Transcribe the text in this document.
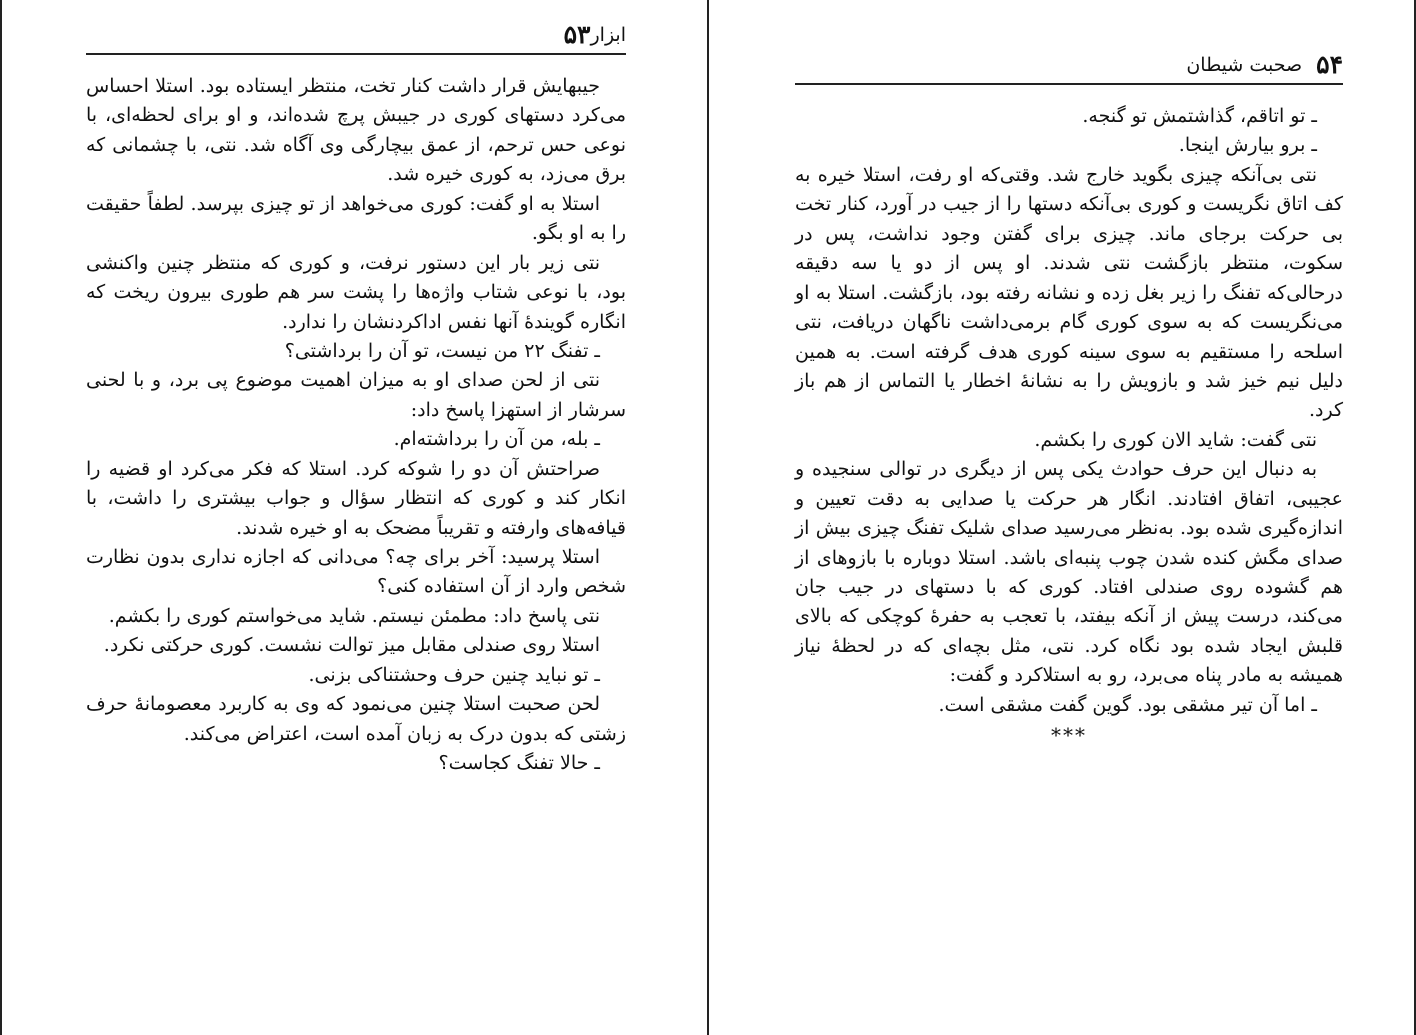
ابزار
۵۳

جیبهایش قرار داشت کنار تخت، منتظر ایستاده بود. استلا احساس می‌کرد دستهای کوری در جیبش پرچ شده‌اند، و او برای لحظه‌ای، با نوعی حس ترحم، از عمق بیچارگی وی آگاه شد. نتی، با چشمانی که برق می‌زد، به کوری خیره شد.

استلا به او گفت: کوری می‌خواهد از تو چیزی بپرسد. لطفاً حقیقت را به او بگو.

نتی زیر بار این دستور نرفت، و کوری که منتظر چنین واکنشی بود، با نوعی شتاب واژه‌ها را پشت سر هم طوری بیرون ریخت که انگاره گویندهٔ آنها نفس اداکردنشان را ندارد.

ـ تفنگ ۲۲ من نیست، تو آن را برداشتی؟

نتی از لحن صدای او به میزان اهمیت موضوع پی برد، و با لحنی سرشار از استهزا پاسخ داد:

ـ بله، من آن را برداشته‌ام.

صراحتش آن دو را شوکه کرد. استلا که فکر می‌کرد او قضیه را انکار کند و کوری که انتظار سؤال و جواب بیشتری را داشت، با قیافه‌های وارفته و تقریباً مضحک به او خیره شدند.

استلا پرسید: آخر برای چه؟ می‌دانی که اجازه نداری بدون نظارت شخص وارد از آن استفاده کنی؟

نتی پاسخ داد: مطمئن نیستم. شاید می‌خواستم کوری را بکشم.

استلا روی صندلی مقابل میز توالت نشست. کوری حرکتی نکرد.

ـ تو نباید چنین حرف وحشتناکی بزنی.

لحن صحبت استلا چنین می‌نمود که وی به کاربرد معصومانهٔ حرف زشتی که بدون درک به زبان آمده است، اعتراض می‌کند.

ـ حالا تفنگ کجاست؟

۵۴
صحبت شیطان

ـ تو اتاقم، گذاشتمش تو گنجه.

ـ برو بیارش اینجا.

نتی بی‌آنکه چیزی بگوید خارج شد. وقتی‌که او رفت، استلا خیره به کف اتاق نگریست و کوری بی‌آنکه دستها را از جیب در آورد، کنار تخت بی حرکت برجای ماند. چیزی برای گفتن وجود نداشت، پس در سکوت، منتظر بازگشت نتی شدند. او پس از دو یا سه دقیقه درحالی‌که تفنگ را زیر بغل زده و نشانه رفته بود، بازگشت. استلا به او می‌نگریست که به سوی کوری گام برمی‌داشت ناگهان دریافت، نتی اسلحه را مستقیم به سوی سینه کوری هدف گرفته است. به همین دلیل نیم خیز شد و بازویش را به نشانهٔ اخطار یا التماس از هم باز کرد.

نتی گفت: شاید الان کوری را بکشم.

به دنبال این حرف حوادث یکی پس از دیگری در توالی سنجیده و عجیبی، اتفاق افتادند. انگار هر حرکت یا صدایی به دقت تعیین و اندازه‌گیری شده بود. به‌نظر می‌رسید صدای شلیک تفنگ چیزی بیش از صدای مگش کنده شدن چوب پنبه‌ای باشد. استلا دوباره با بازوهای از هم گشوده روی صندلی افتاد. کوری که با دستهای در جیب جان می‌کند، درست پیش از آنکه بیفتد، با تعجب به حفرهٔ کوچکی که بالای قلبش ایجاد شده بود نگاه کرد. نتی، مثل بچه‌ای که در لحظهٔ نیاز همیشه به مادر پناه می‌برد، رو به استلاکرد و گفت:

ـ اما آن تیر مشقی بود. گوین گفت مشقی است.

***
